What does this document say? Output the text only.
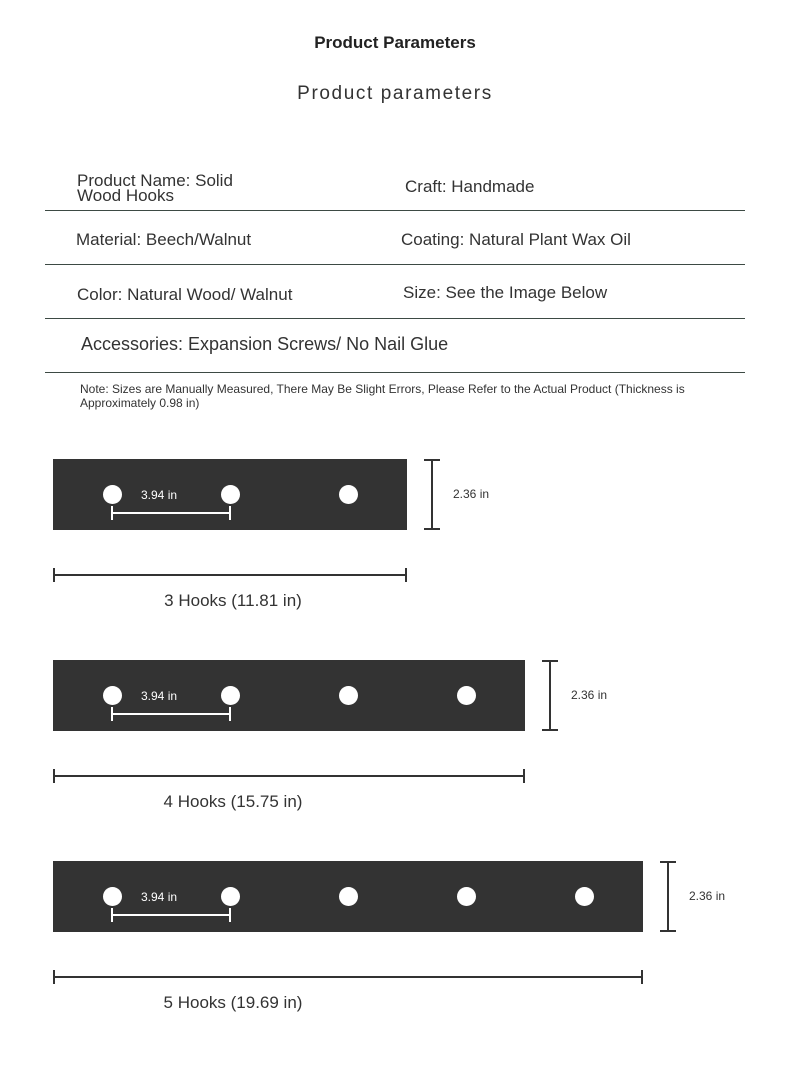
Product Parameters
Product parameters
Product Name: Solid
Wood Hooks	Craft: Handmade
Material: Beech/Walnut	Coating: Natural Plant Wax Oil
Color: Natural Wood/ Walnut	Size: See the Image Below
Accessories: Expansion Screws/ No Nail Glue
Note: Sizes are Manually Measured, There May Be Slight Errors, Please Refer to the Actual Product (Thickness is Approximately 0.98 in)
3.94 in	2.36 in
3 Hooks (11.81 in)
3.94 in	2.36 in
4 Hooks (15.75 in)
3.94 in	2.36 in
5 Hooks (19.69 in)
